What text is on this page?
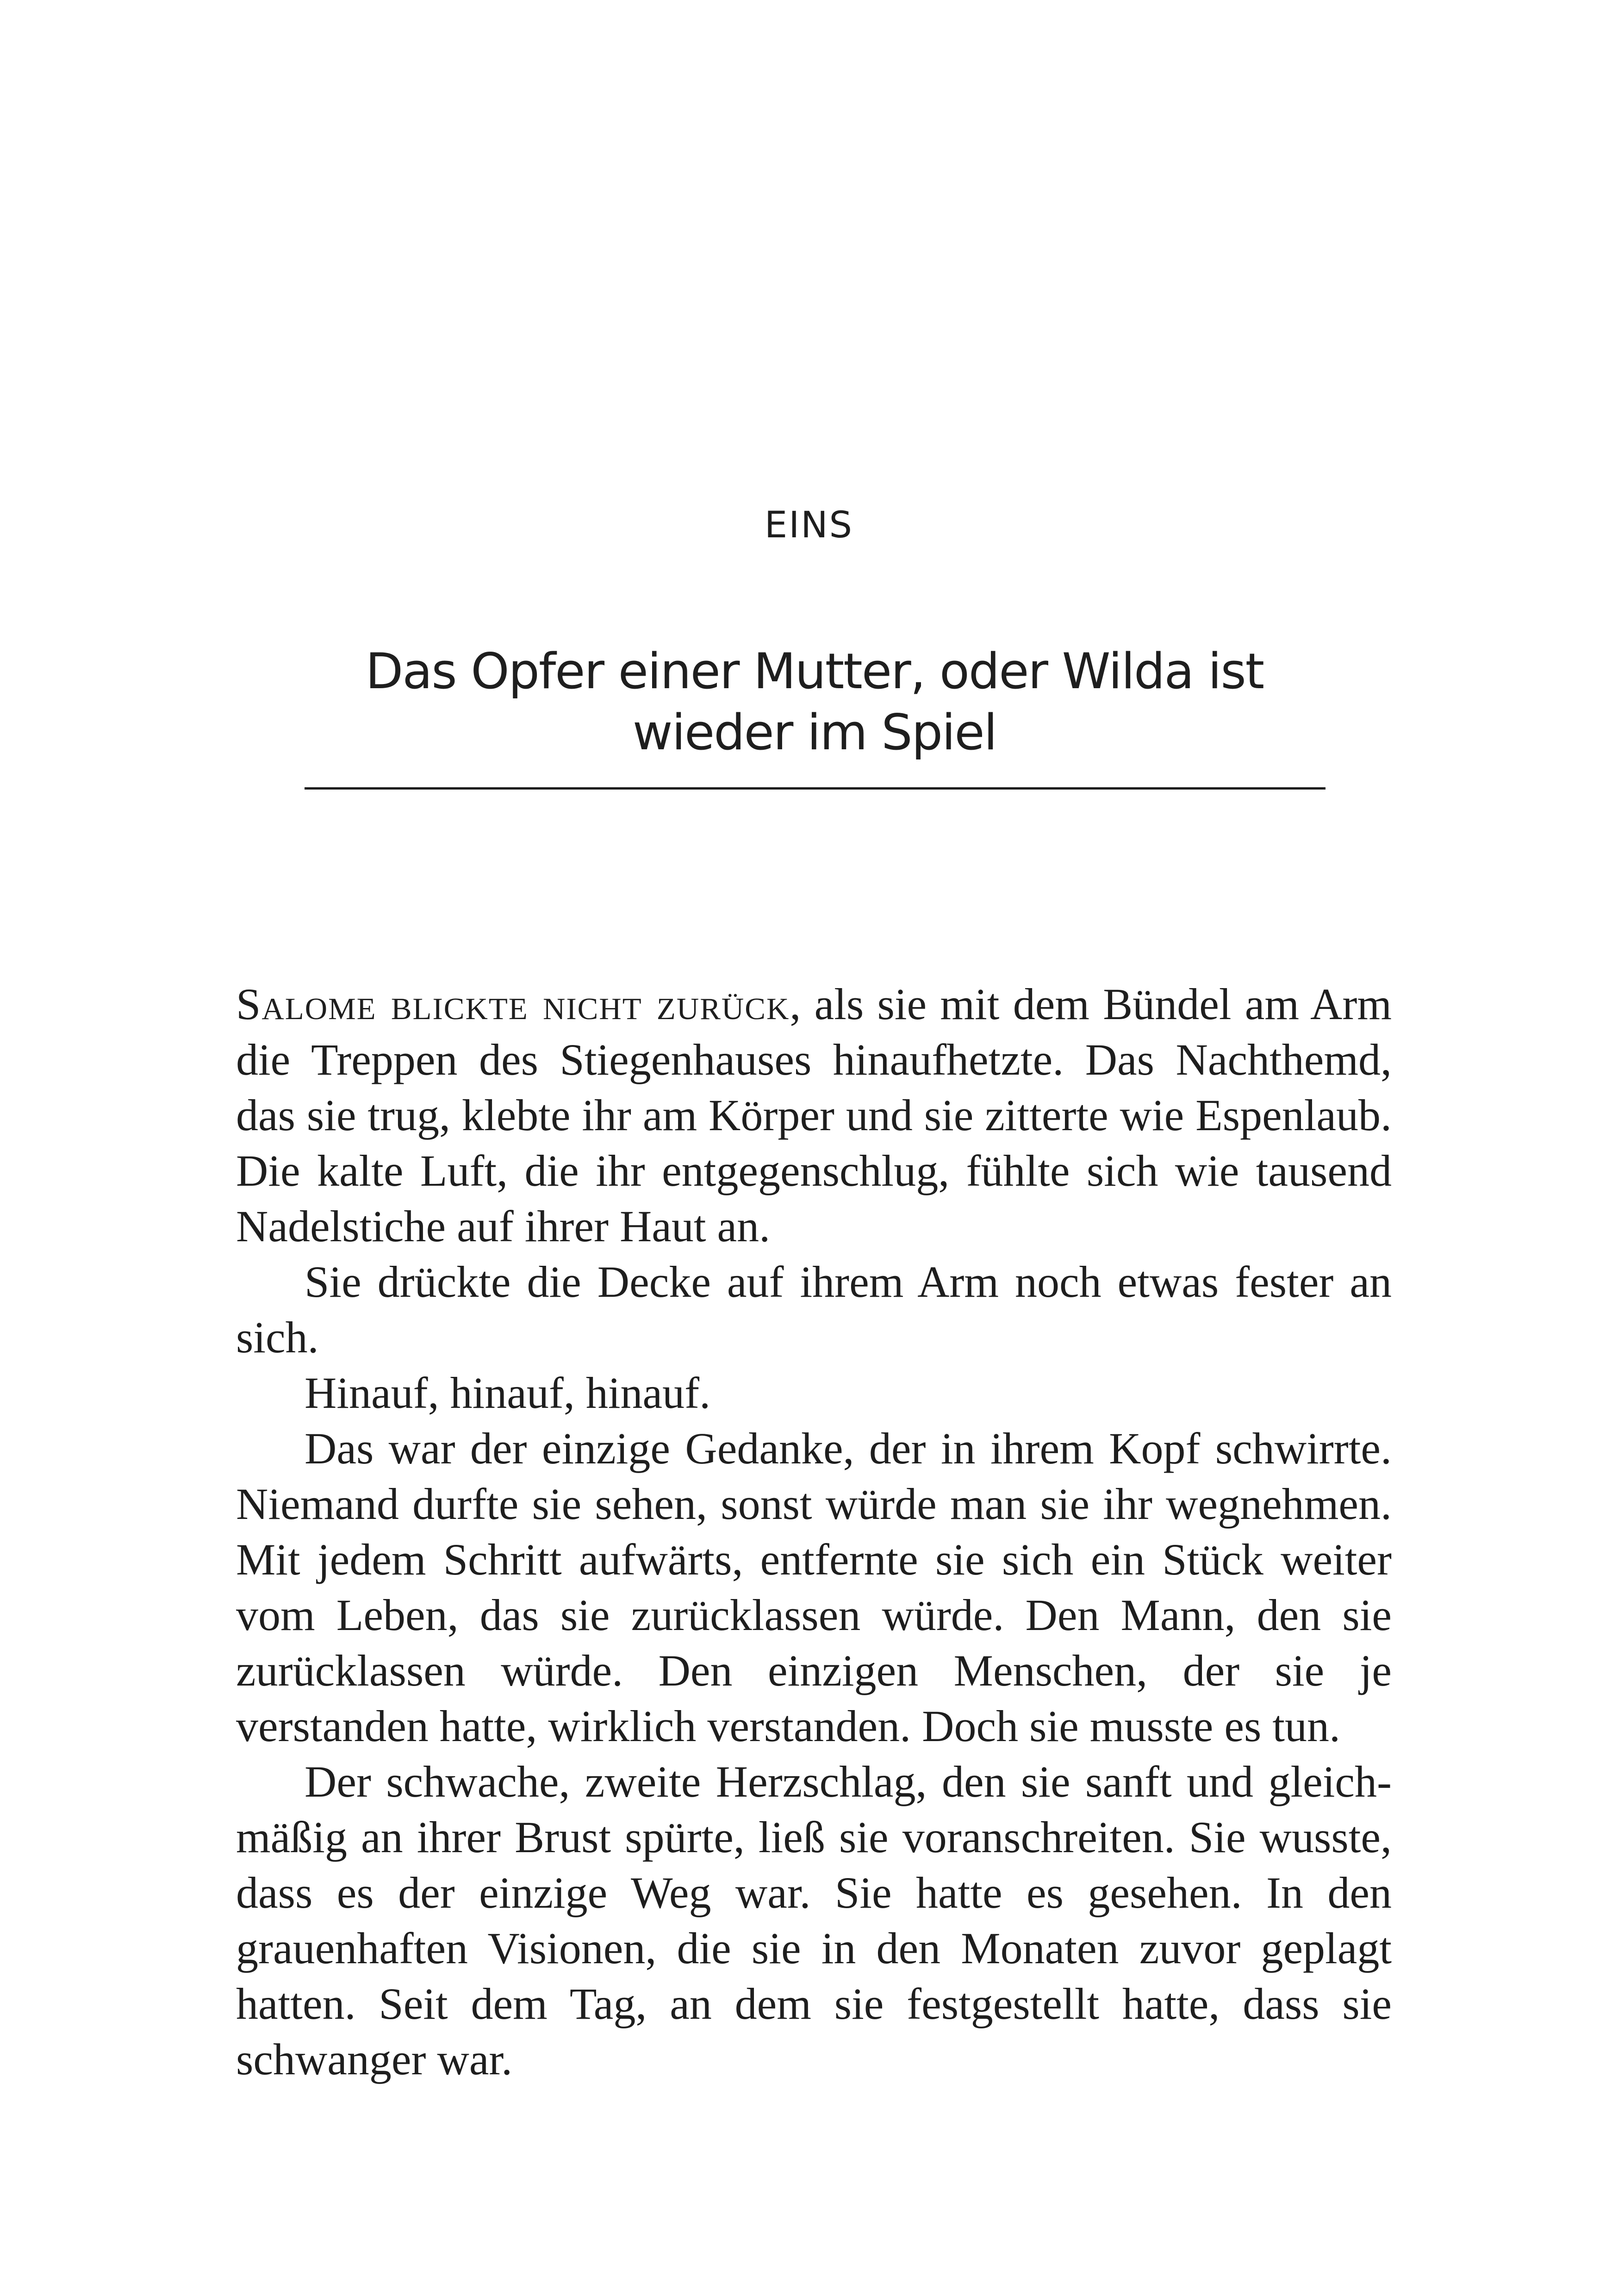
EINS
Das Opfer einer Mutter, oder Wilda ist
wieder im Spiel

Salome blickte nicht zurück, als sie mit dem Bündel am Arm die Treppen des Stiegenhauses hinaufhetzte. Das Nachthemd, das sie trug, klebte ihr am Körper und sie zitterte wie Espenlaub. Die kalte Luft, die ihr entgegenschlug, fühlte sich wie tausend Nadelstiche auf ihrer Haut an.

Sie drückte die Decke auf ihrem Arm noch etwas fester an sich.

Hinauf, hinauf, hinauf.

Das war der einzige Gedanke, der in ihrem Kopf schwirrte. Niemand durfte sie sehen, sonst würde man sie ihr wegnehmen. Mit jedem Schritt aufwärts, entfernte sie sich ein Stück weiter vom Leben, das sie zurücklassen würde. Den Mann, den sie zurücklassen würde. Den einzigen Menschen, der sie je verstanden hatte, wirklich verstanden. Doch sie musste es tun.

Der schwache, zweite Herzschlag, den sie sanft und gleichmäßig an ihrer Brust spürte, ließ sie voranschreiten. Sie wusste, dass es der einzige Weg war. Sie hatte es gesehen. In den grauenhaften Visionen, die sie in den Monaten zuvor geplagt hatten. Seit dem Tag, an dem sie festgestellt hatte, dass sie schwanger war.
